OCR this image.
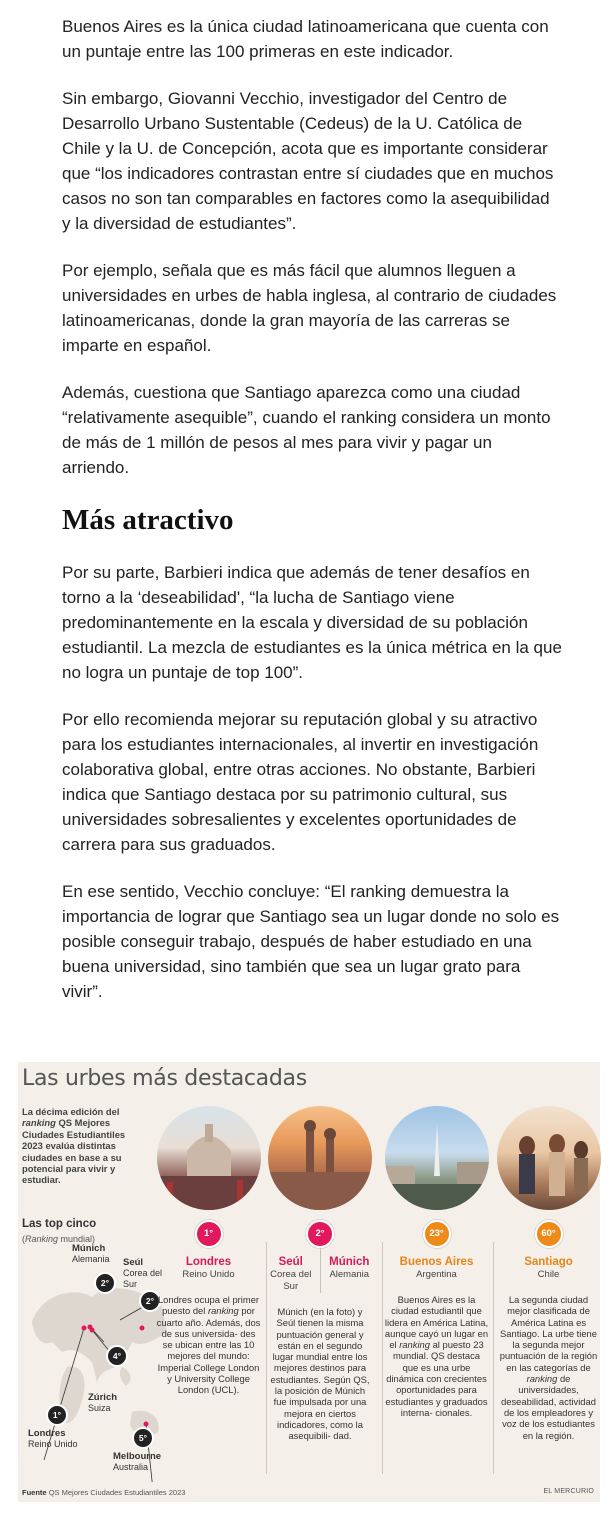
Buenos Aires es la única ciudad latinoamericana que cuenta con un puntaje entre las 100 primeras en este indicador.

Sin embargo, Giovanni Vecchio, investigador del Centro de Desarrollo Urbano Sustentable (Cedeus) de la U. Católica de Chile y la U. de Concepción, acota que es importante considerar que “los indicadores contrastan entre sí ciudades que en muchos casos no son tan comparables en factores como la asequibilidad y la diversidad de estudiantes”.

Por ejemplo, señala que es más fácil que alumnos lleguen a universidades en urbes de habla inglesa, al contrario de ciudades latinoamericanas, donde la gran mayoría de las carreras se imparte en español.

Además, cuestiona que Santiago aparezca como una ciudad “relativamente asequible”, cuando el ranking considera un monto de más de 1 millón de pesos al mes para vivir y pagar un arriendo.

Más atractivo

Por su parte, Barbieri indica que además de tener desafíos en torno a la ‘deseabilidad', “la lucha de Santiago viene predominantemente en la escala y diversidad de su población estudiantil. La mezcla de estudiantes es la única métrica en la que no logra un puntaje de top 100”.

Por ello recomienda mejorar su reputación global y su atractivo para los estudiantes internacionales, al invertir en investigación colaborativa global, entre otras acciones. No obstante, Barbieri indica que Santiago destaca por su patrimonio cultural, sus universidades sobresalientes y excelentes oportunidades de carrera para sus graduados.

En ese sentido, Vecchio concluye: “El ranking demuestra la importancia de lograr que Santiago sea un lugar donde no solo es posible conseguir trabajo, después de haber estudiado en una buena universidad, sino también que sea un lugar grato para vivir”.

Las urbes más destacadas
La décima edición del ranking QS Mejores Ciudades Estudiantiles 2023 evalúa distintas ciudades en base a su potencial para vivir y estudiar.
Las top cinco
(Ranking mundial)
Múnich
Alemania
2°
Seúl
Corea del Sur
2°
4°
Zúrich
Suiza
1°
Londres
Reino Unido
5°
Melbourne
Australia
1°
Londres
Reino Unido
Londres ocupa el primer puesto del ranking por cuarto año. Además, dos de sus universida- des se ubican entre las 10 mejores del mundo: Imperial College London y University College London (UCL).
2°
Seúl
Corea del Sur
Múnich
Alemania
Múnich (en la foto) y Seúl tienen la misma puntuación general y están en el segundo lugar mundial entre los mejores destinos para estudiantes. Según QS, la posición de Múnich fue impulsada por una mejora en ciertos indicadores, como la asequibili- dad.
23°
Buenos Aires
Argentina
Buenos Aires es la ciudad estudiantil que lidera en América Latina, aunque cayó un lugar en el ranking al puesto 23 mundial. QS destaca que es una urbe dinámica con crecientes oportunidades para estudiantes y graduados interna- cionales.
60°
Santiago
Chile
La segunda ciudad mejor clasificada de América Latina es Santiago. La urbe tiene la segunda mejor puntuación de la región en las categorías de ranking de universidades, deseabilidad, actividad de los empleadores y voz de los estudiantes en la región.
Fuente QS Mejores Ciudades Estudiantiles 2023	EL MERCURIO
